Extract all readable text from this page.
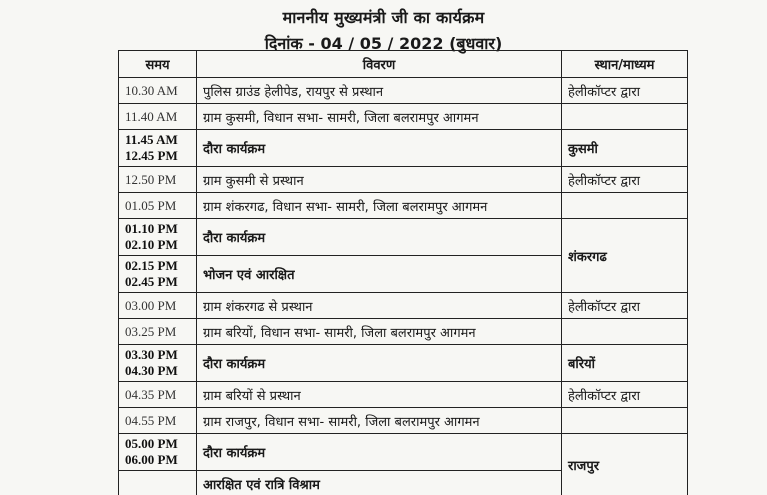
माननीय मुख्यमंत्री जी का कार्यक्रम
दिनांक - 04 / 05 / 2022 (बुधवार)
समय	विवरण	स्थान/माध्यम

10.30 AM	पुलिस ग्राउंड हेलीपेड, रायपुर से प्रस्थान	हेलीकॉप्टर द्वारा

11.40 AM	ग्राम कुसमी, विधान सभा- सामरी, जिला बलरामपुर आगमन	

11.45 AM
12.45 PM	दौरा कार्यक्रम	कुसमी

12.50 PM	ग्राम कुसमी से प्रस्थान	हेलीकॉप्टर द्वारा

01.05 PM	ग्राम शंकरगढ, विधान सभा- सामरी, जिला बलरामपुर आगमन	

01.10 PM
02.10 PM	दौरा कार्यक्रम	शंकरगढ

02.15 PM
02.45 PM	भोजन एवं आरक्षित	

03.00 PM	ग्राम शंकरगढ से प्रस्थान	हेलीकॉप्टर द्वारा

03.25 PM	ग्राम बरियों, विधान सभा- सामरी, जिला बलरामपुर आगमन	

03.30 PM
04.30 PM	दौरा कार्यक्रम	बरियों

04.35 PM	ग्राम बरियों से प्रस्थान	हेलीकॉप्टर द्वारा

04.55 PM	ग्राम राजपुर, विधान सभा- सामरी, जिला बलरामपुर आगमन	

05.00 PM
06.00 PM	दौरा कार्यक्रम	राजपुर

	आरक्षित एवं रात्रि विश्राम	
